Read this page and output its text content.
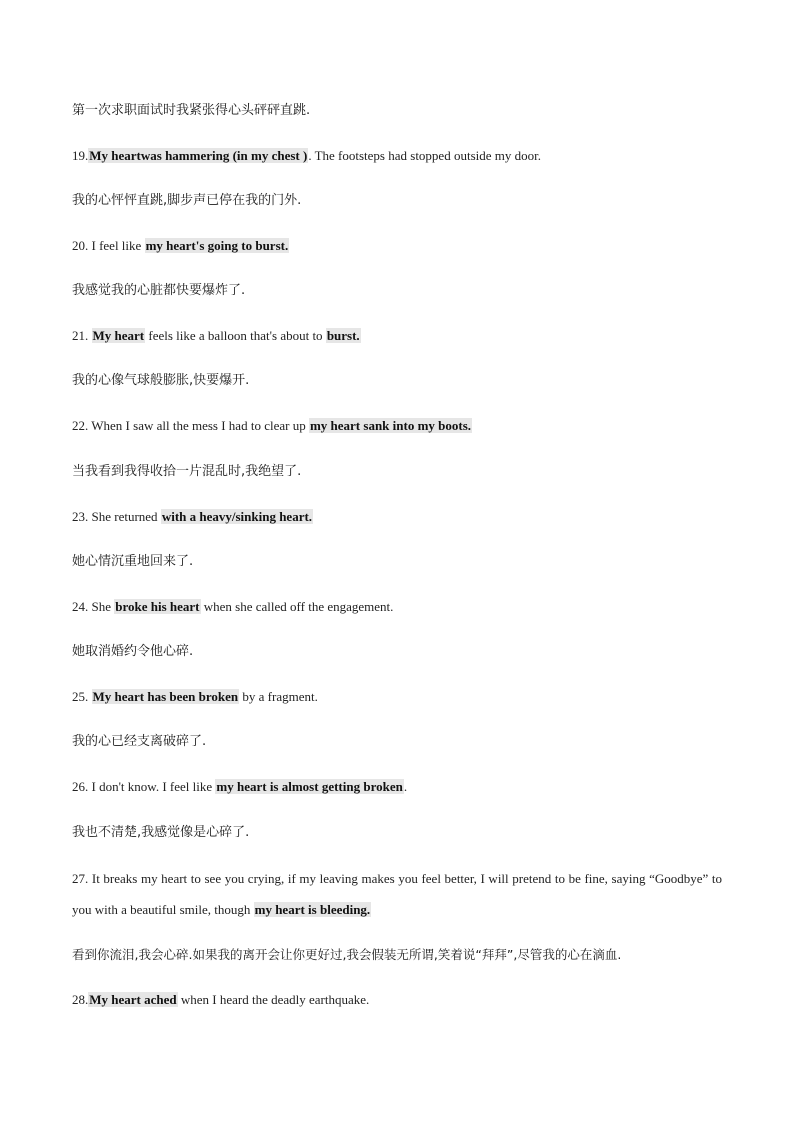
第一次求职面试时我紧张得心头砰砰直跳.
19.My heartwas hammering (in my chest ). The footsteps had stopped outside my door.
我的心怦怦直跳,脚步声已停在我的门外.
20. I feel like my heart's going to burst.
我感觉我的心脏都快要爆炸了.
21. My heart feels like a balloon that's about to burst.
我的心像气球般膨胀,快要爆开.
22. When I saw all the mess I had to clear up my heart sank into my boots.
当我看到我得收拾一片混乱时,我绝望了.
23. She returned with a heavy/sinking heart.
她心情沉重地回来了.
24. She broke his heart when she called off the engagement.
她取消婚约令他心碎.
25. My heart has been broken by a fragment.
我的心已经支离破碎了.
26. I don't know. I feel like my heart is almost getting broken.
我也不清楚,我感觉像是心碎了.
27. It breaks my heart to see you crying, if my leaving makes you feel better, I will pretend to be fine, saying “Goodbye” to you with a beautiful smile, though my heart is bleeding.
看到你流泪,我会心碎.如果我的离开会让你更好过,我会假装无所谓,笑着说“拜拜”,尽管我的心在滴血.
28.My heart ached when I heard the deadly earthquake.
